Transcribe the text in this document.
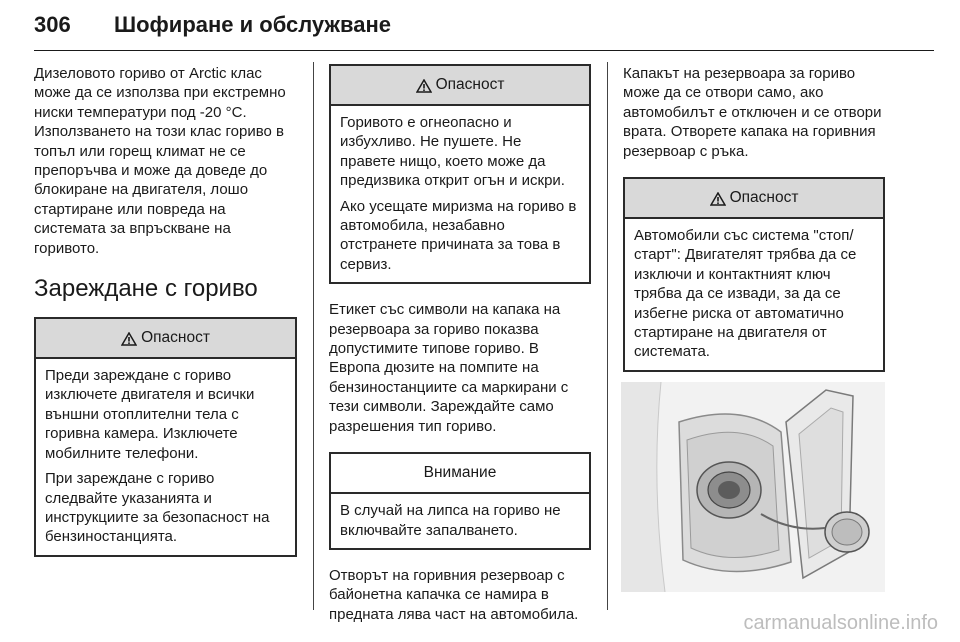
306 Шофиране и обслужване

Дизеловото гориво от Arctic клас може да се използва при екстремно ниски температури под -20 °C. Използването на този клас гориво в топъл или горещ климат не се препоръчва и може да доведе до блокиране на двигателя, лошо стартиране или повреда на системата за впръскване на горивото.

Зареждане с гориво
Опасност

Преди зареждане с гориво изключете двигателя и всички външни отоплителни тела с горивна камера. Изключете мобилните телефони.

При зареждане с гориво следвайте указанията и инструкциите за безопасност на бензиностанцията.

Опасност

Горивото е огнеопасно и избухливо. Не пушете. Не правете нищо, което може да предизвика открит огън и искри.

Ако усещате миризма на гориво в автомобила, незабавно отстранете причината за това в сервиз.

Етикет със символи на капака на резервоара за гориво показва допустимите типове гориво. В Европа дюзите на помпите на бензиностанциите са маркирани с тези символи. Зареждайте само разрешения тип гориво.

Внимание

В случай на липса на гориво не включвайте запалването.

Отворът на горивния резервоар с байонетна капачка се намира в предната лява част на автомобила.

Капакът на резервоара за гориво може да се отвори само, ако автомобилът е отключен и се отвори врата. Отворете капака на горивния резервоар с ръка.

Опасност

Автомобили със система "стоп/старт": Двигателят трябва да се изключи и контактният ключ трябва да се извади, за да се избегне риска от автоматично стартиране на двигателя от системата.

carmanualsonline.info
